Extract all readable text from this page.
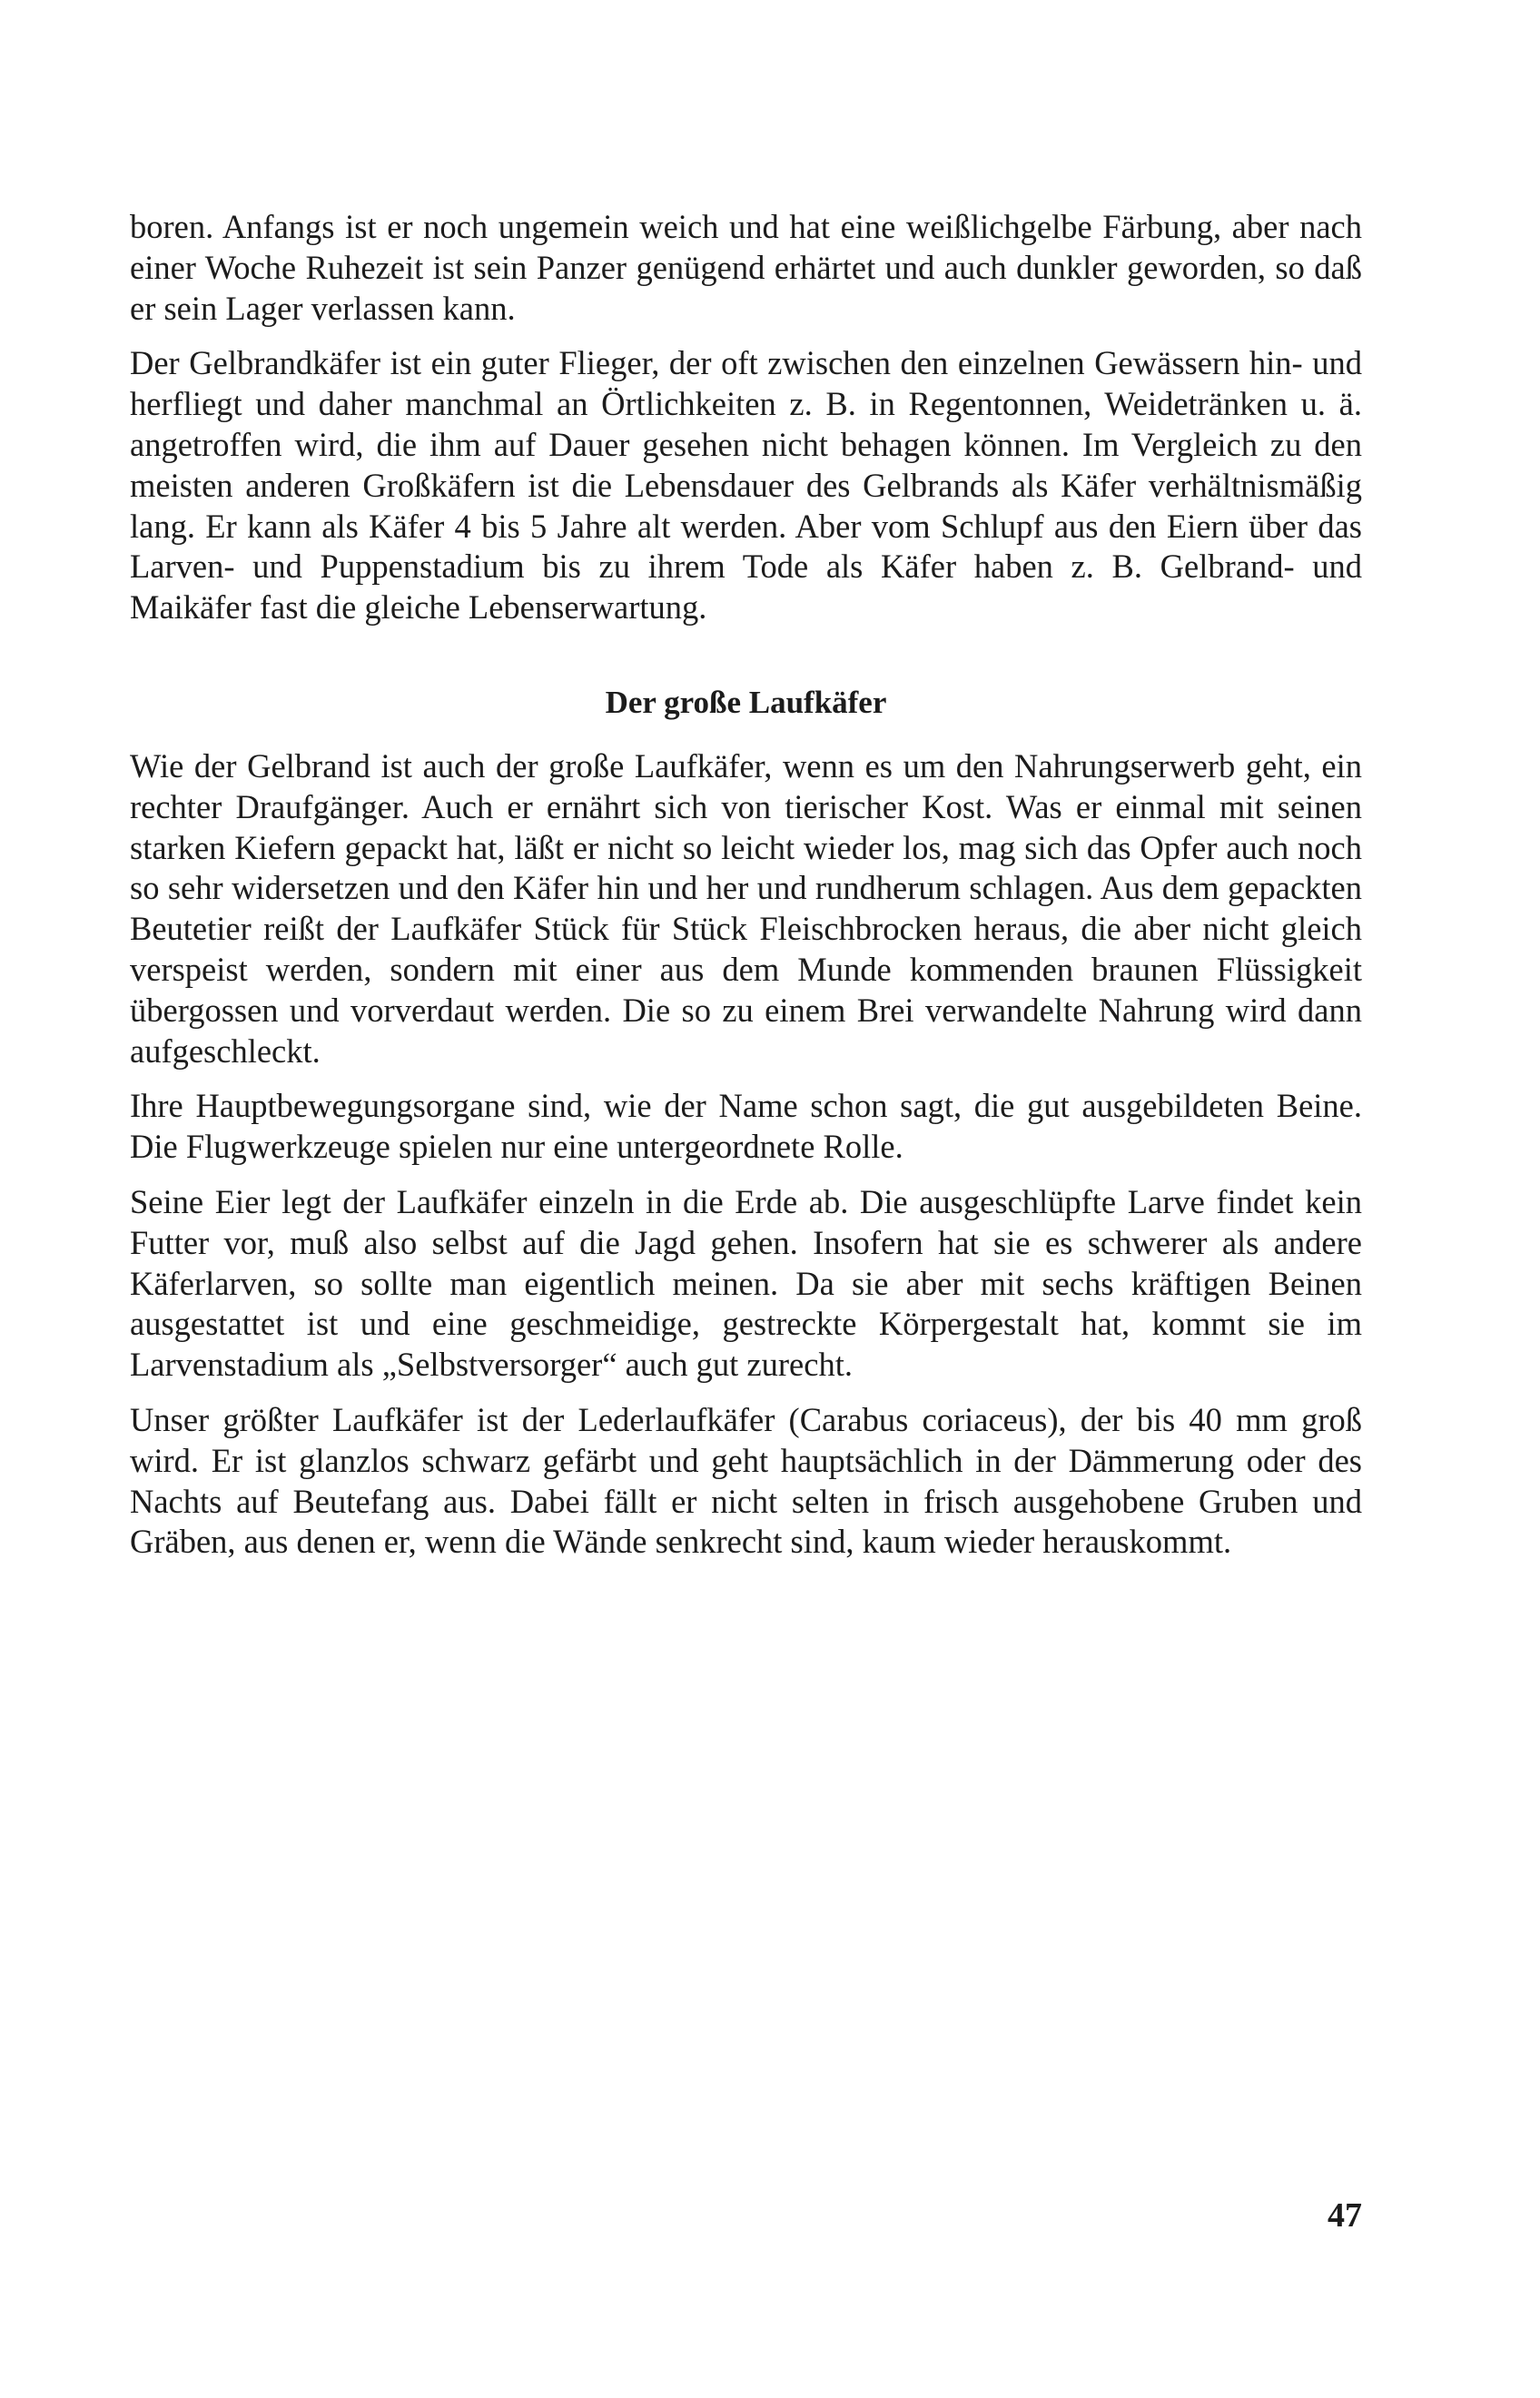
boren. Anfangs ist er noch ungemein weich und hat eine weißlichgelbe Färbung, aber nach einer Woche Ruhezeit ist sein Panzer genügend erhärtet und auch dunkler geworden, so daß er sein Lager verlassen kann.

Der Gelbrandkäfer ist ein guter Flieger, der oft zwischen den einzelnen Gewässern hin- und herfliegt und daher manchmal an Örtlichkeiten z. B. in Regentonnen, Weidetränken u. ä. angetroffen wird, die ihm auf Dauer gesehen nicht behagen können. Im Vergleich zu den meisten anderen Großkäfern ist die Lebensdauer des Gelbrands als Käfer verhältnismäßig lang. Er kann als Käfer 4 bis 5 Jahre alt werden. Aber vom Schlupf aus den Eiern über das Larven- und Puppenstadium bis zu ihrem Tode als Käfer haben z. B. Gelbrand- und Maikäfer fast die gleiche Lebenserwartung.

Der große Laufkäfer

Wie der Gelbrand ist auch der große Laufkäfer, wenn es um den Nahrungserwerb geht, ein rechter Draufgänger. Auch er ernährt sich von tierischer Kost. Was er einmal mit seinen starken Kiefern gepackt hat, läßt er nicht so leicht wieder los, mag sich das Opfer auch noch so sehr widersetzen und den Käfer hin und her und rundherum schlagen. Aus dem gepackten Beutetier reißt der Laufkäfer Stück für Stück Fleischbrocken heraus, die aber nicht gleich verspeist werden, sondern mit einer aus dem Munde kommenden braunen Flüssigkeit übergossen und vorverdaut werden. Die so zu einem Brei verwandelte Nahrung wird dann aufgeschleckt.

Ihre Hauptbewegungsorgane sind, wie der Name schon sagt, die gut ausgebildeten Beine. Die Flugwerkzeuge spielen nur eine untergeordnete Rolle.

Seine Eier legt der Laufkäfer einzeln in die Erde ab. Die ausgeschlüpfte Larve findet kein Futter vor, muß also selbst auf die Jagd gehen. Insofern hat sie es schwerer als andere Käferlarven, so sollte man eigentlich meinen. Da sie aber mit sechs kräftigen Beinen ausgestattet ist und eine geschmeidige, gestreckte Körpergestalt hat, kommt sie im Larvenstadium als „Selbstversorger“ auch gut zurecht.

Unser größter Laufkäfer ist der Lederlaufkäfer (Carabus coriaceus), der bis 40 mm groß wird. Er ist glanzlos schwarz gefärbt und geht hauptsächlich in der Dämmerung oder des Nachts auf Beutefang aus. Dabei fällt er nicht selten in frisch ausgehobene Gruben und Gräben, aus denen er, wenn die Wände senkrecht sind, kaum wieder herauskommt.

47
